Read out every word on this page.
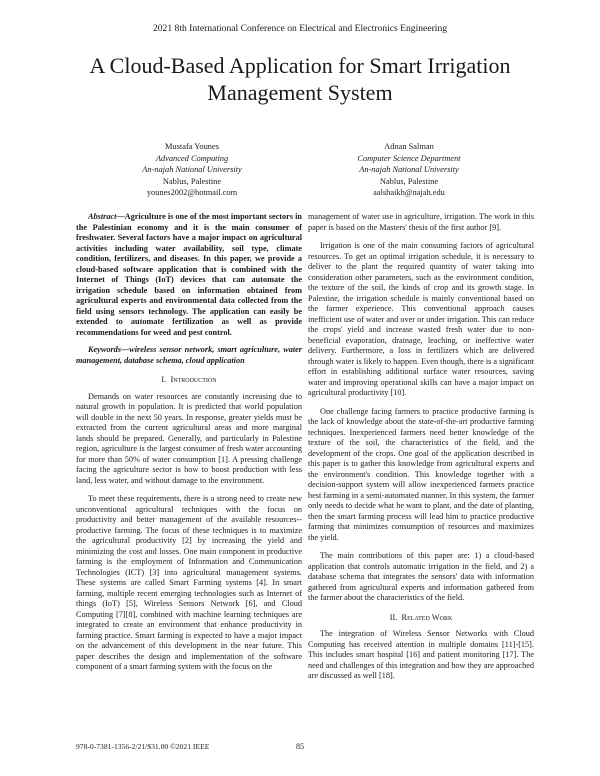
2021 8th International Conference on Electrical and Electronics Engineering
A Cloud-Based Application for Smart Irrigation
Management System
Mustafa Younes
Advanced Computing
An-najah National University
Nablus, Palestine
younes2002@hotmail.com
Adnan Salman
Computer Science Department
An-najah National University
Nablus, Palestine
aalshaikh@najah.edu

Abstract—Agriculture is one of the most important sectors in the Palestinian economy and it is the main consumer of freshwater. Several factors have a major impact on agricultural activities including water availability, soil type, climate condition, fertilizers, and diseases. In this paper, we provide a cloud-based software application that is combined with the Internet of Things (IoT) devices that can automate the irrigation schedule based on information obtained from agricultural experts and environmental data collected from the field using sensors technology. The application can easily be extended to automate fertilization as well as provide recommendations for weed and pest control.

Keywords—wireless sensor network, smart agriculture, water management, database schema, cloud application

I. Introduction

Demands on water resources are constantly increasing due to natural growth in population. It is predicted that world population will double in the next 50 years. In response, greater yields must be extracted from the current agricultural areas and more marginal lands should be prepared. Generally, and particularly in Palestine region, agriculture is the largest consumer of fresh water accounting for more than 50% of water consumption [1]. A pressing challenge facing the agriculture sector is how to boost production with less land, less water, and without damage to the environment.

To meet these requirements, there is a strong need to create new unconventional agricultural techniques with the focus on productivity and better management of the available resources--productive farming. The focus of these techniques is to maximize the agricultural productivity [2] by increasing the yield and minimizing the cost and losses. One main component in productive farming is the employment of Information and Communication Technologies (ICT) [3] into agricultural management systems. These systems are called Smart Farming systems [4]. In smart farming, multiple recent emerging technologies such as Internet of things (IoT) [5], Wireless Sensors Network [6], and Cloud Computing [7][8], combined with machine learning techniques are integrated to create an environment that enhance productivity in farming practice. Smart farming is expected to have a major impact on the advancement of this development in the near future. This paper describes the design and implementation of the software component of a smart farming system with the focus on the

management of water use in agriculture, irrigation. The work in this paper is based on the Masters' thesis of the first author [9].

Irrigation is one of the main consuming factors of agricultural resources. To get an optimal irrigation schedule, it is necessary to deliver to the plant the required quantity of water taking into consideration other parameters, such as the environment condition, the texture of the soil, the kinds of crop and its growth stage. In Palestine, the irrigation schedule is mainly conventional based on the farmer experience. This conventional approach causes inefficient use of water and over or under irrigation. This can reduce the crops' yield and increase wasted fresh water due to non-beneficial evaporation, drainage, leaching, or ineffective water delivery. Furthermore, a loss in fertilizers which are delivered through water is likely to happen. Even though, there is a significant effort in establishing additional surface water resources, saving water and improving operational skills can have a major impact on agricultural productivity [10].

One challenge facing farmers to practice productive farming is the lack of knowledge about the state-of-the-art productive farming techniques. Inexperienced farmers need better knowledge of the texture of the soil, the characteristics of the field, and the development of the crops. One goal of the application described in this paper is to gather this knowledge from agricultural experts and the environment's condition. This knowledge together with a decision-support system will allow inexperienced farmers practice best farming in a semi-automated manner. In this system, the farmer only needs to decide what he want to plant, and the date of planting, then the smart farming process will lead him to practice productive farming that minimizes consumption of resources and maximizes the yield.

The main contributions of this paper are: 1) a cloud-based application that controls automatic irrigation in the field, and 2) a database schema that integrates the sensors' data with information gathered from agricultural experts and information gathered from the farmer about the characteristics of the field.

II. Related Work

The integration of Wireless Sensor Networks with Cloud Computing has received attention in multiple domains [11]-[15]. This includes smart hospital [16] and patient monitoring [17]. The need and challenges of this integration and how they are approached are discussed as well [18].

978-0-7381-1356-2/21/$31.00 ©2021 IEEE	85
